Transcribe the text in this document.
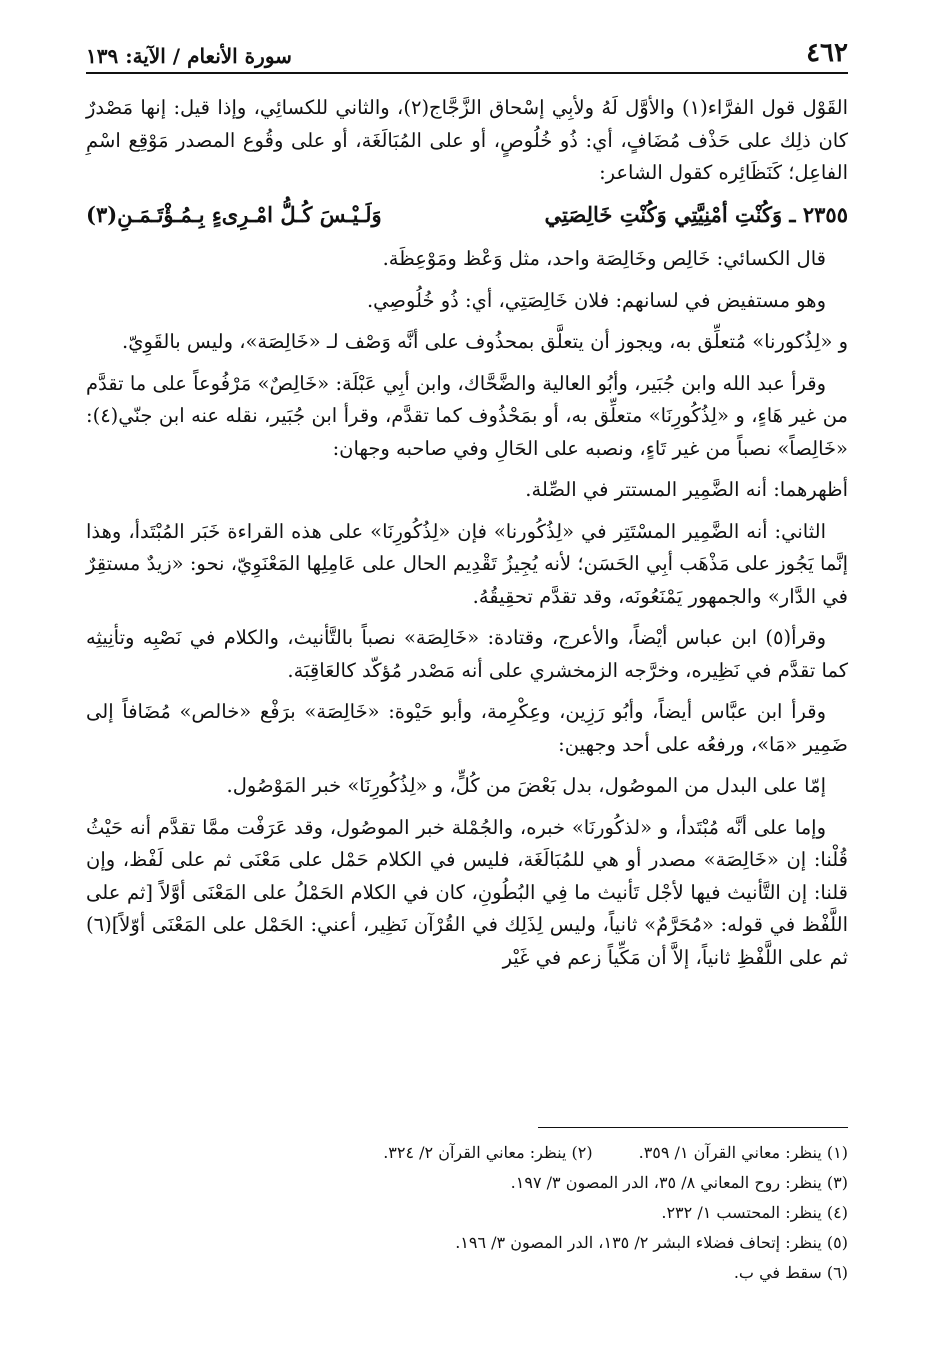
٤٦٢
سورة الأنعام / الآية: ١٣٩

القَوْل قول الفرَّاء(١) والأوَّل لَهُ ولأبِي إسْحاق الزَّجَّاج(٢)، والثاني للكسائِي، وإذا قيل: إنها مَصْدرٌ كان ذلِك على حَذْف مُضَافٍ، أي: ذُو خُلُوصٍ، أو على المُبَالَغَة، أو على وقُوع المصدر مَوْقِع اسْمِ الفاعِل؛ كَنَظَائِره كقول الشاعر:

٢٣٥٥ ـ وَكُنْتِ أمْنِيَّتِي وَكُنْتِ خَالِصَتِي
وَلَـيْـسَ كُـلُّ امْـرِىءٍ بِـمُـؤْتَـمَـنِ(٣)

قال الكسائي: خَالِص وخَالِصَة واحد، مثل وَعْظ ومَوْعِظَة.

وهو مستفيض في لسانهم: فلان خَالِصَتِي، أي: ذُو خُلُوصِي.

و «لِذُكورنا» مُتعلِّق به، ويجوز أن يتعلَّق بمحذُوف على أنَّه وَصْف لـ «خَالِصَة»، وليس بالقَوِيّ.

وقرأ عبد الله وابن جُبَير، وأبُو العالية والضَّحَّاك، وابن أبِي عَبْلَة: «خَالِصٌ» مَرْفُوعاً على ما تقدَّم من غير هَاءٍ، و «لِذُكُورِنَا» متعلِّق به، أو بمَحْذُوف كما تقدَّم، وقرأ ابن جُبَير، نقله عنه ابن جنّي(٤): «خَالِصاً» نصباً من غير تَاءٍ، ونصبه على الحَالِ وفي صاحبه وجهان:

أظهرهما: أنه الضَّمِير المستتر في الصِّلة.

الثاني: أنه الضَّمِير المسْتَتِر في «لِذُكُورنا» فإن «لِذُكُورِنَا» على هذه القراءة خَبَر المُبْتَدأ، وهذا إنَّما يَجُوز على مَذْهَب أبِي الحَسَن؛ لأنه يُجِيزُ تَقْدِيم الحال على عَامِلِها المَعْنَوِيّ، نحو: «زيدٌ مستقِرٌ في الدَّار» والجمهور يَمْنَعُونَه، وقد تقدَّم تحقِيقُهُ.

وقرأ(٥) ابن عباس أيْضاً، والأعرج، وقتادة: «خَالِصَة» نصباً بالتَّأنيث، والكلام في نَصْبِه وتأنِيثِه كما تقدَّم في نَظِيره، وخرَّجه الزمخشري على أنه مَصْدر مُؤكّد كالعَاقِبَة.

وقرأ ابن عبَّاس أيضاً، وأبُو رَزِين، وعِكْرِمة، وأبو حَيْوة: «خَالِصَة» برَفْع «خالص» مُضَافاً إلى ضَمِير «مَا»، ورفعُه على أحد وجهين:

إمّا على البدل من الموصُول، بدل بَعْضَ من كُلٍّ، و «لِذُكُورِنَا» خبر المَوْصُول.

وإما على أنَّه مُبْتَدأ، و «لذكُورنَا» خبره، والجُمْلة خبر الموصُول، وقد عَرَفْت ممَّا تقدَّم أنه حَيْثُ قُلْنا: إن «خَالِصَة» مصدر أو هي للمُبَالَغَة، فليس في الكلام حَمْل على مَعْنَى ثم على لَفْظ، وإن قلنا: إن التَّأنيث فيها لأجْل تَأنيث ما فِي البُطُونِ، كان في الكلام الحَمْلُ على المَعْنَى أوَّلاً [ثم على اللَّفْظ في قوله: «مُحَرَّمٌ» ثانياً، وليس لِذَلِك في القُرْآن نَظِير، أعني: الحَمْل على المَعْنَى أوّلاً](٦) ثم على اللَّفْظِ ثانياً، إلاَّ أن مَكِّياً زعم في غَيْر

(١) ينظر: معاني القرآن ١/ ٣٥٩.
(٢) ينظر: معاني القرآن ٢/ ٣٢٤.
(٣) ينظر: روح المعاني ٨/ ٣٥، الدر المصون ٣/ ١٩٧.
(٤) ينظر: المحتسب ١/ ٢٣٢.
(٥) ينظر: إتحاف فضلاء البشر ٢/ ١٣٥، الدر المصون ٣/ ١٩٦.
(٦) سقط في ب.
